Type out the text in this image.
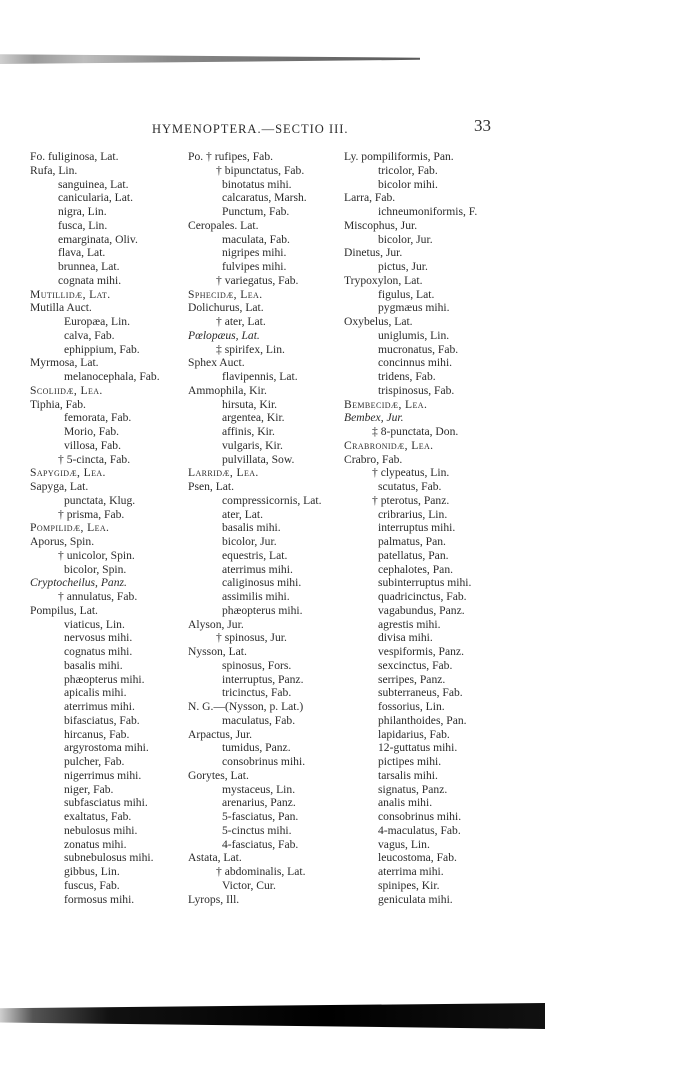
HYMENOPTERA.—SECTIO III.	33
Fo. fuliginosa, Lat.
Rufa, Lin.
sanguinea, Lat.
canicularia, Lat.
nigra, Lin.
fusca, Lin.
emarginata, Oliv.
flava, Lat.
brunnea, Lat.
cognata mihi.
Mutillidæ, Lat.
Mutilla Auct.
Europæa, Lin.
calva, Fab.
ephippium, Fab.
Myrmosa, Lat.
melanocephala, Fab.
Scoliidæ, Lea.
Tiphia, Fab.
femorata, Fab.
Morio, Fab.
villosa, Fab.
† 5-cincta, Fab.
Sapygidæ, Lea.
Sapyga, Lat.
punctata, Klug.
† prisma, Fab.
Pompilidæ, Lea.
Aporus, Spin.
† unicolor, Spin.
bicolor, Spin.
Cryptocheilus, Panz.
† annulatus, Fab.
Pompilus, Lat.
viaticus, Lin.
nervosus mihi.
cognatus mihi.
basalis mihi.
phæopterus mihi.
apicalis mihi.
aterrimus mihi.
bifasciatus, Fab.
hircanus, Fab.
argyrostoma mihi.
pulcher, Fab.
nigerrimus mihi.
niger, Fab.
subfasciatus mihi.
exaltatus, Fab.
nebulosus mihi.
zonatus mihi.
subnebulosus mihi.
gibbus, Lin.
fuscus, Fab.
formosus mihi.
Po. † rufipes, Fab.
† bipunctatus, Fab.
binotatus mihi.
calcaratus, Marsh.
Punctum, Fab.
Ceropales. Lat.
maculata, Fab.
nigripes mihi.
fulvipes mihi.
† variegatus, Fab.
Sphecidæ, Lea.
Dolichurus, Lat.
† ater, Lat.
Pœlopæus, Lat.
‡ spirifex, Lin.
Sphex Auct.
flavipennis, Lat.
Ammophila, Kir.
hirsuta, Kir.
argentea, Kir.
affinis, Kir.
vulgaris, Kir.
pulvillata, Sow.
Larridæ, Lea.
Psen, Lat.
compressicornis, Lat.
ater, Lat.
basalis mihi.
bicolor, Jur.
equestris, Lat.
aterrimus mihi.
caliginosus mihi.
assimilis mihi.
phæopterus mihi.
Alyson, Jur.
† spinosus, Jur.
Nysson, Lat.
spinosus, Fors.
interruptus, Panz.
tricinctus, Fab.
N. G.—(Nysson, p. Lat.)
maculatus, Fab.
Arpactus, Jur.
tumidus, Panz.
consobrinus mihi.
Gorytes, Lat.
mystaceus, Lin.
arenarius, Panz.
5-fasciatus, Pan.
5-cinctus mihi.
4-fasciatus, Fab.
Astata, Lat.
† abdominalis, Lat.
Victor, Cur.
Lyrops, Ill.
Ly. pompiliformis, Pan.
tricolor, Fab.
bicolor mihi.
Larra, Fab.
ichneumoniformis, F.
Miscophus, Jur.
bicolor, Jur.
Dinetus, Jur.
pictus, Jur.
Trypoxylon, Lat.
figulus, Lat.
pygmæus mihi.
Oxybelus, Lat.
uniglumis, Lin.
mucronatus, Fab.
concinnus mihi.
tridens, Fab.
trispinosus, Fab.
Bembecidæ, Lea.
Bembex, Jur.
‡ 8-punctata, Don.
Crabronidæ, Lea.
Crabro, Fab.
† clypeatus, Lin.
scutatus, Fab.
† pterotus, Panz.
cribrarius, Lin.
interruptus mihi.
palmatus, Pan.
patellatus, Pan.
cephalotes, Pan.
subinterruptus mihi.
quadricinctus, Fab.
vagabundus, Panz.
agrestis mihi.
divisa mihi.
vespiformis, Panz.
sexcinctus, Fab.
serripes, Panz.
subterraneus, Fab.
fossorius, Lin.
philanthoides, Pan.
lapidarius, Fab.
12-guttatus mihi.
pictipes mihi.
tarsalis mihi.
signatus, Panz.
analis mihi.
consobrinus mihi.
4-maculatus, Fab.
vagus, Lin.
leucostoma, Fab.
aterrima mihi.
spinipes, Kir.
geniculata mihi.
